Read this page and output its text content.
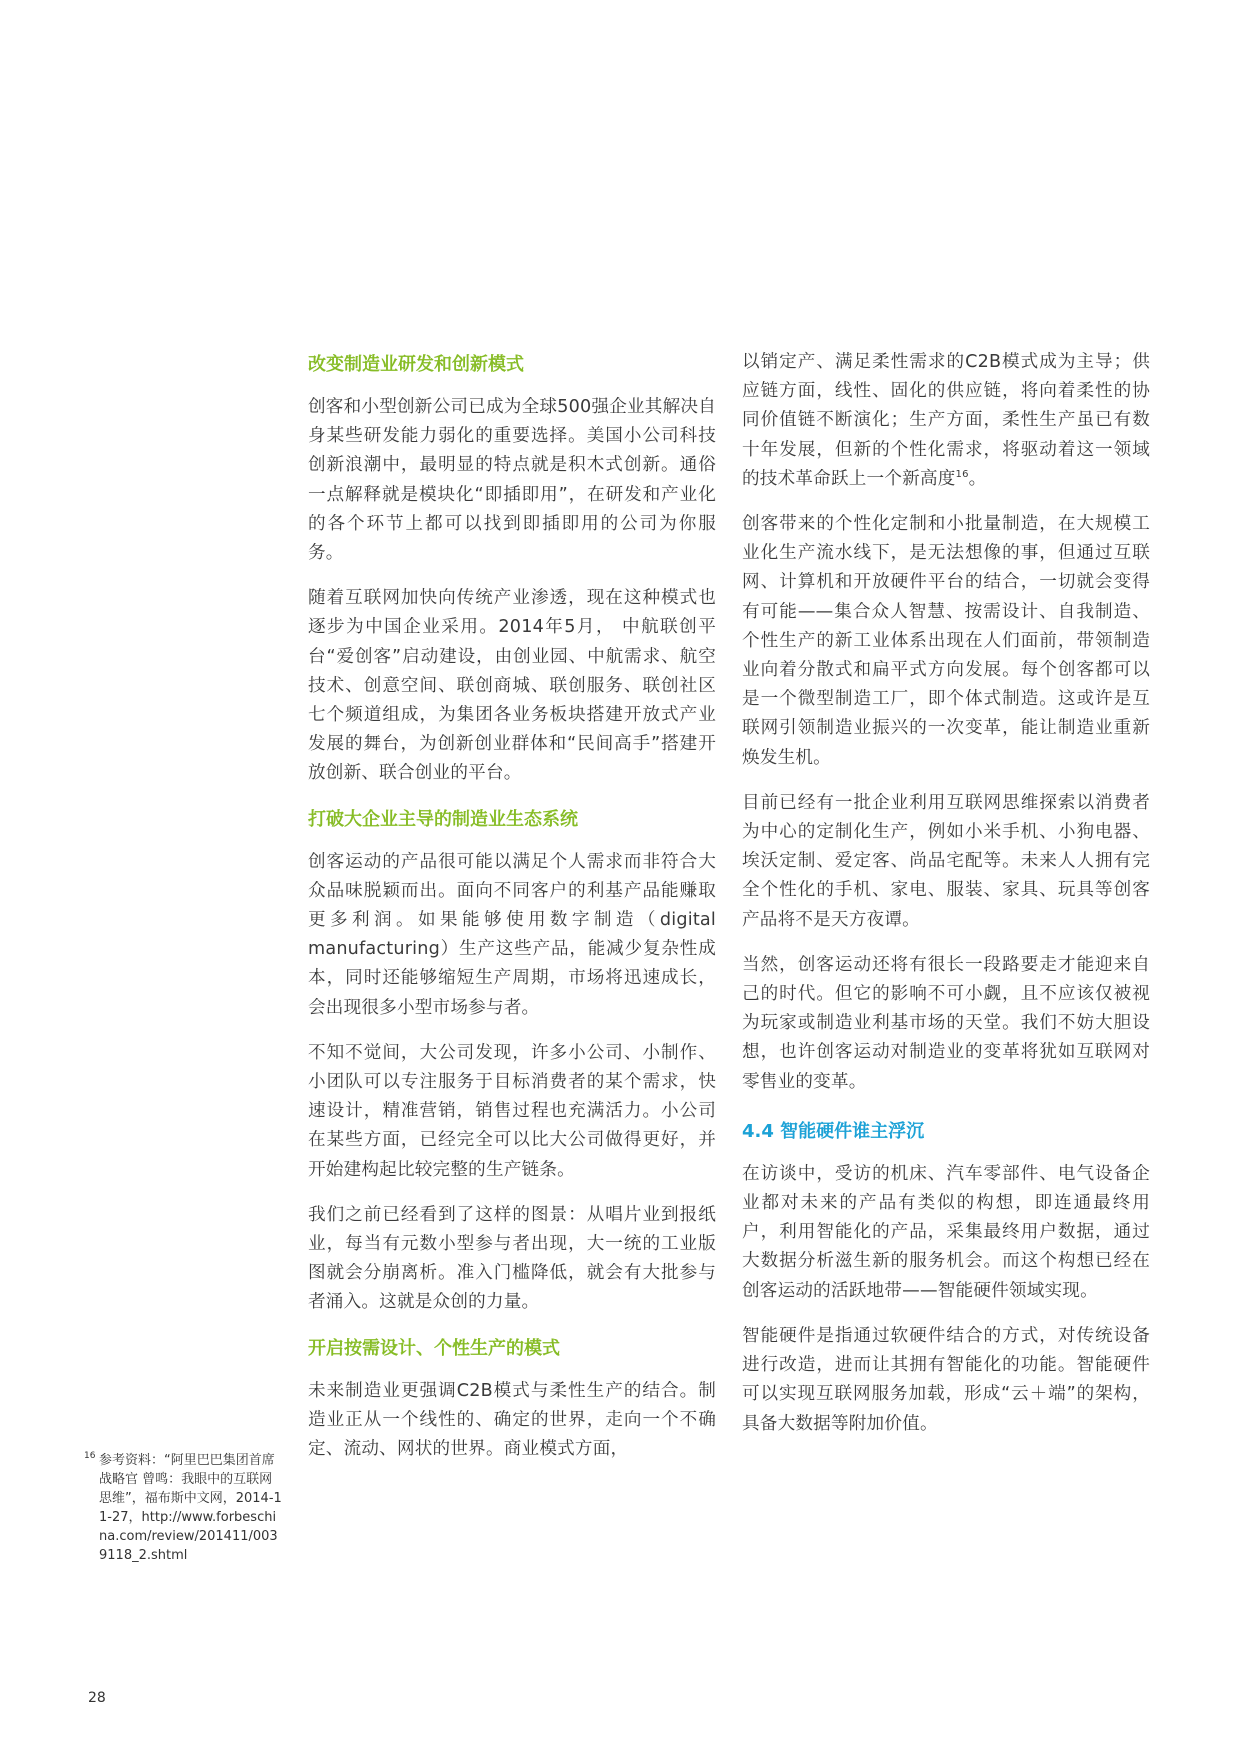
改变制造业研发和创新模式

创客和小型创新公司已成为全球500强企业其解决自身某些研发能力弱化的重要选择。美国小公司科技创新浪潮中，最明显的特点就是积木式创新。通俗一点解释就是模块化“即插即用”，在研发和产业化的各个环节上都可以找到即插即用的公司为你服务。

随着互联网加快向传统产业渗透，现在这种模式也逐步为中国企业采用。2014年5月， 中航联创平台“爱创客”启动建设，由创业园、中航需求、航空技术、创意空间、联创商城、联创服务、联创社区七个频道组成，为集团各业务板块搭建开放式产业发展的舞台，为创新创业群体和“民间高手”搭建开放创新、联合创业的平台。

打破大企业主导的制造业生态系统

创客运动的产品很可能以满足个人需求而非符合大众品味脱颖而出。面向不同客户的利基产品能赚取更多利润。如果能够使用数字制造（digital manufacturing）生产这些产品，能减少复杂性成本，同时还能够缩短生产周期，市场将迅速成长，会出现很多小型市场参与者。

不知不觉间，大公司发现，许多小公司、小制作、小团队可以专注服务于目标消费者的某个需求，快速设计，精准营销，销售过程也充满活力。小公司在某些方面，已经完全可以比大公司做得更好，并开始建构起比较完整的生产链条。

我们之前已经看到了这样的图景：从唱片业到报纸业，每当有元数小型参与者出现，大一统的工业版图就会分崩离析。准入门槛降低，就会有大批参与者涌入。这就是众创的力量。

开启按需设计、个性生产的模式

未来制造业更强调C2B模式与柔性生产的结合。制造业正从一个线性的、确定的世界，走向一个不确定、流动、网状的世界。商业模式方面，

以销定产、满足柔性需求的C2B模式成为主导；供应链方面，线性、固化的供应链，将向着柔性的协同价值链不断演化；生产方面，柔性生产虽已有数十年发展，但新的个性化需求，将驱动着这一领域的技术革命跃上一个新高度$^{16}$。

创客带来的个性化定制和小批量制造，在大规模工业化生产流水线下，是无法想像的事，但通过互联网、计算机和开放硬件平台的结合，一切就会变得有可能——集合众人智慧、按需设计、自我制造、个性生产的新工业体系出现在人们面前，带领制造业向着分散式和扁平式方向发展。每个创客都可以是一个微型制造工厂，即个体式制造。这或许是互联网引领制造业振兴的一次变革，能让制造业重新焕发生机。

目前已经有一批企业利用互联网思维探索以消费者为中心的定制化生产，例如小米手机、小狗电器、埃沃定制、爱定客、尚品宅配等。未来人人拥有完全个性化的手机、家电、服装、家具、玩具等创客产品将不是天方夜谭。

当然，创客运动还将有很长一段路要走才能迎来自己的时代。但它的影响不可小觑，且不应该仅被视为玩家或制造业利基市场的天堂。我们不妨大胆设想，也许创客运动对制造业的变革将犹如互联网对零售业的变革。

4.4 智能硬件谁主浮沉

在访谈中，受访的机床、汽车零部件、电气设备企业都对未来的产品有类似的构想，即连通最终用户，利用智能化的产品，采集最终用户数据，通过大数据分析滋生新的服务机会。而这个构想已经在创客运动的活跃地带——智能硬件领域实现。

智能硬件是指通过软硬件结合的方式，对传统设备进行改造，进而让其拥有智能化的功能。智能硬件可以实现互联网服务加载，形成“云＋端”的架构，具备大数据等附加价值。

16 参考资料：“阿里巴巴集团首席战略官 曾鸣：我眼中的互联网思维”，福布斯中文网，2014-11-27，http://www.forbeschina.com/review/201411/0039118_2.shtml
28
